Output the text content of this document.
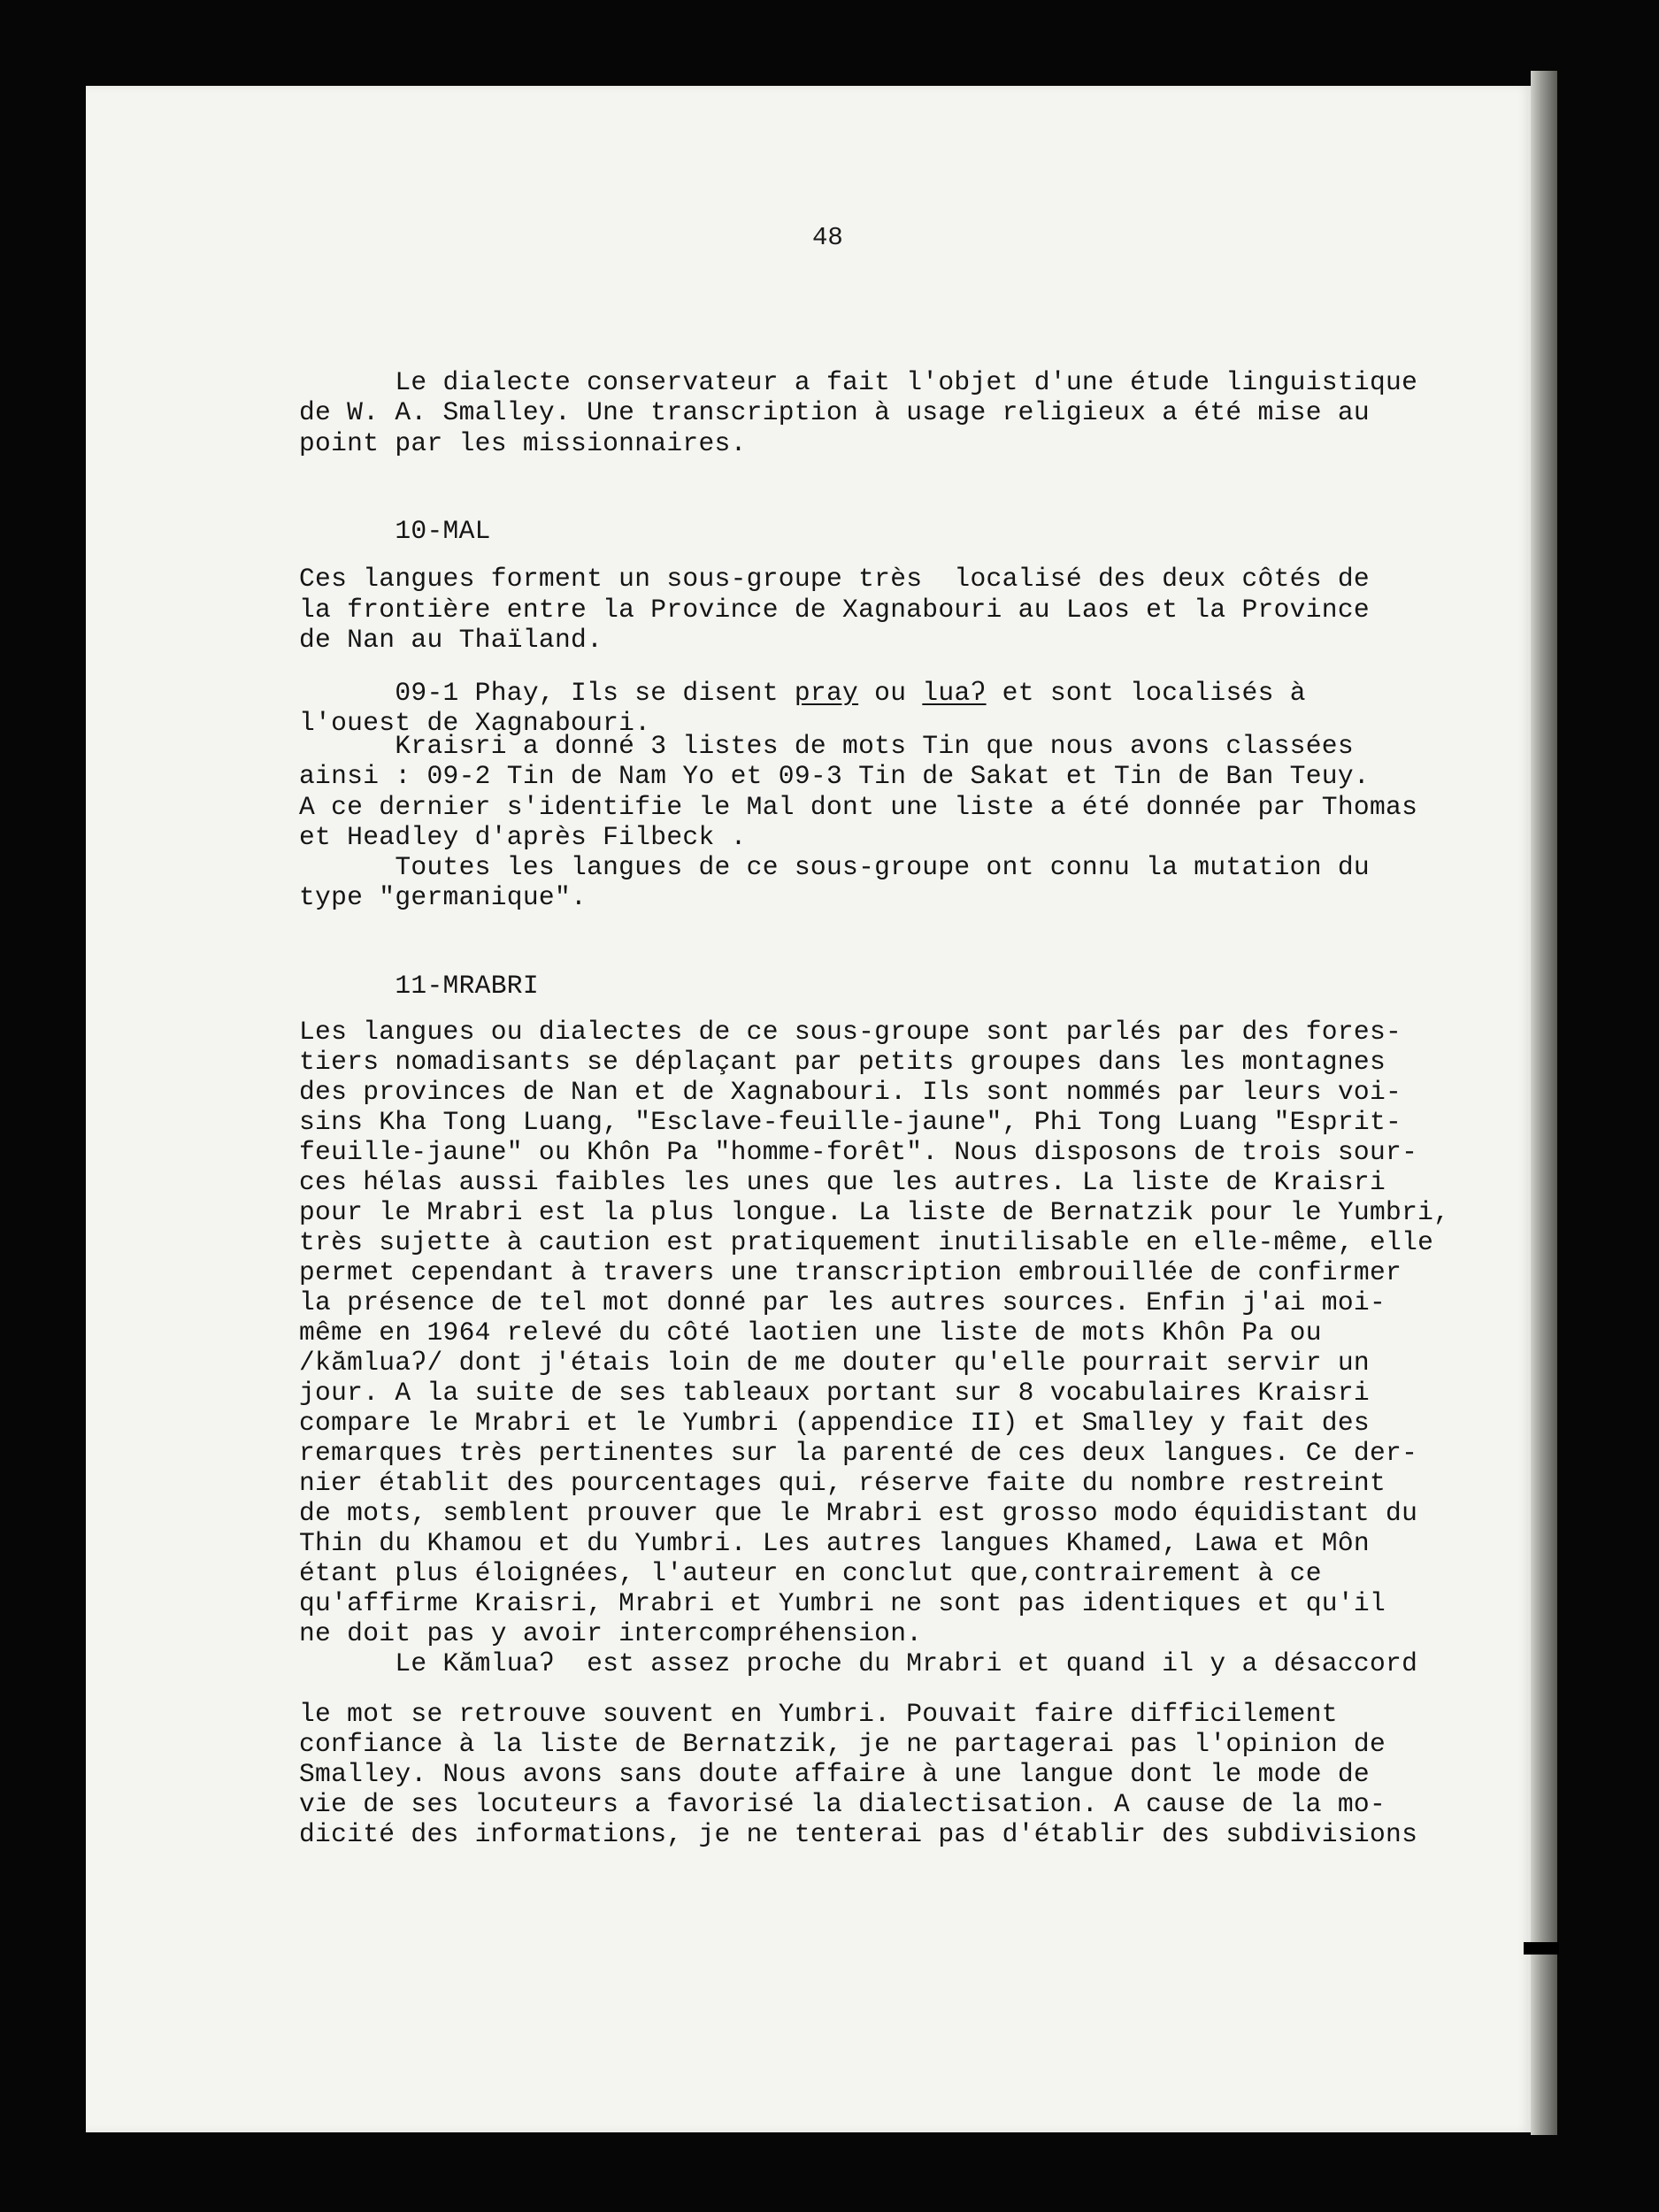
48
Le dialecte conservateur a fait l'objet d'une étude linguistique
de W. A. Smalley. Une transcription à usage religieux a été mise au
point par les missionnaires.
10-MAL
Ces langues forment un sous-groupe très  localisé des deux côtés de
la frontière entre la Province de Xagnabouri au Laos et la Province
de Nan au Thaïland.
09-1 Phay, Ils se disent pray ou luaʔ et sont localisés à
l'ouest de Xagnabouri.
Kraisri a donné 3 listes de mots Tin que nous avons classées
ainsi : 09-2 Tin de Nam Yo et 09-3 Tin de Sakat et Tin de Ban Teuy.
A ce dernier s'identifie le Mal dont une liste a été donnée par Thomas
et Headley d'après Filbeck .
Toutes les langues de ce sous-groupe ont connu la mutation du
type "germanique".
11-MRABRI
Les langues ou dialectes de ce sous-groupe sont parlés par des fores-
tiers nomadisants se déplaçant par petits groupes dans les montagnes
des provinces de Nan et de Xagnabouri. Ils sont nommés par leurs voi-
sins Kha Tong Luang, "Esclave-feuille-jaune", Phi Tong Luang "Esprit-
feuille-jaune" ou Khôn Pa "homme-forêt". Nous disposons de trois sour-
ces hélas aussi faibles les unes que les autres. La liste de Kraisri
pour le Mrabri est la plus longue. La liste de Bernatzik pour le Yumbri,
très sujette à caution est pratiquement inutilisable en elle-même, elle
permet cependant à travers une transcription embrouillée de confirmer
la présence de tel mot donné par les autres sources. Enfin j'ai moi-
même en 1964 relevé du côté laotien une liste de mots Khôn Pa ou
/kămluaʔ/ dont j'étais loin de me douter qu'elle pourrait servir un
jour. A la suite de ses tableaux portant sur 8 vocabulaires Kraisri
compare le Mrabri et le Yumbri (appendice II) et Smalley y fait des
remarques très pertinentes sur la parenté de ces deux langues. Ce der-
nier établit des pourcentages qui, réserve faite du nombre restreint
de mots, semblent prouver que le Mrabri est grosso modo équidistant du
Thin du Khamou et du Yumbri. Les autres langues Khamed, Lawa et Môn
étant plus éloignées, l'auteur en conclut que,contrairement à ce
qu'affirme Kraisri, Mrabri et Yumbri ne sont pas identiques et qu'il
ne doit pas y avoir intercompréhension.
Le Kămluaʔ  est assez proche du Mrabri et quand il y a désaccord
le mot se retrouve souvent en Yumbri. Pouvait faire difficilement
confiance à la liste de Bernatzik, je ne partagerai pas l'opinion de
Smalley. Nous avons sans doute affaire à une langue dont le mode de
vie de ses locuteurs a favorisé la dialectisation. A cause de la mo-
dicité des informations, je ne tenterai pas d'établir des subdivisions
